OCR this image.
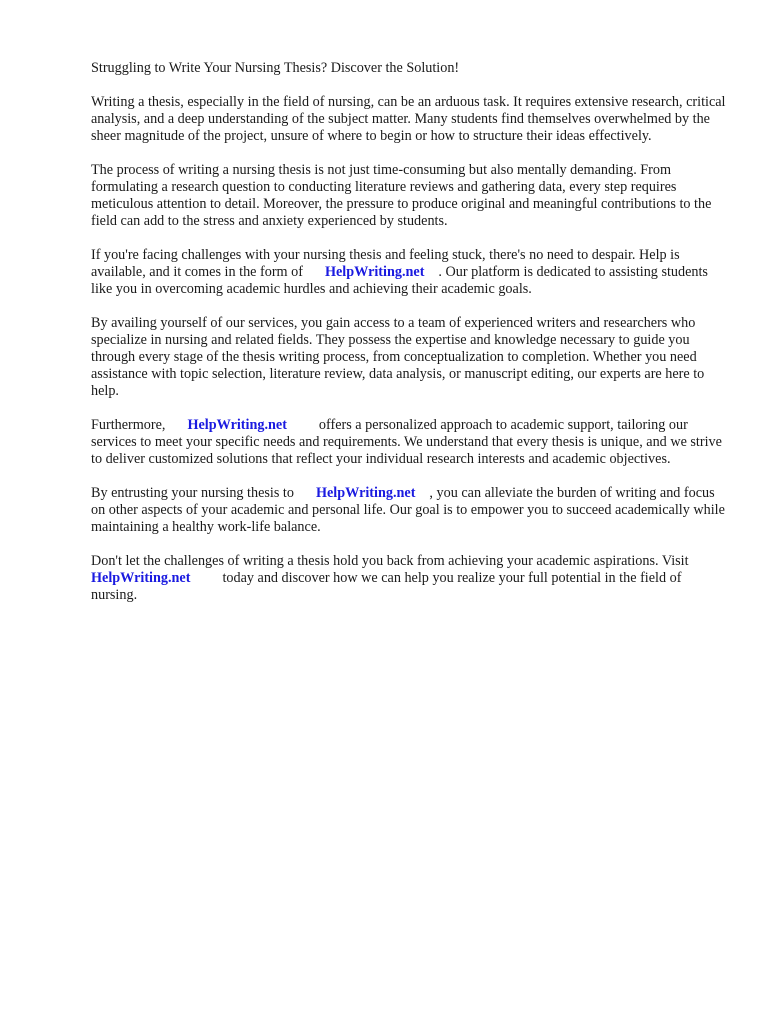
Struggling to Write Your Nursing Thesis? Discover the Solution!

Writing a thesis, especially in the field of nursing, can be an arduous task. It requires extensive research, critical analysis, and a deep understanding of the subject matter. Many students find themselves overwhelmed by the sheer magnitude of the project, unsure of where to begin or how to structure their ideas effectively.

The process of writing a nursing thesis is not just time-consuming but also mentally demanding. From formulating a research question to conducting literature reviews and gathering data, every step requires meticulous attention to detail. Moreover, the pressure to produce original and meaningful contributions to the field can add to the stress and anxiety experienced by students.

If you're facing challenges with your nursing thesis and feeling stuck, there's no need to despair. Help is available, and it comes in the form of HelpWriting.net . Our platform is dedicated to assisting students like you in overcoming academic hurdles and achieving their academic goals.

By availing yourself of our services, you gain access to a team of experienced writers and researchers who specialize in nursing and related fields. They possess the expertise and knowledge necessary to guide you through every stage of the thesis writing process, from conceptualization to completion. Whether you need assistance with topic selection, literature review, data analysis, or manuscript editing, our experts are here to help.

Furthermore, HelpWriting.net offers a personalized approach to academic support, tailoring our services to meet your specific needs and requirements. We understand that every thesis is unique, and we strive to deliver customized solutions that reflect your individual research interests and academic objectives.

By entrusting your nursing thesis to HelpWriting.net , you can alleviate the burden of writing and focus on other aspects of your academic and personal life. Our goal is to empower you to succeed academically while maintaining a healthy work-life balance.

Don't let the challenges of writing a thesis hold you back from achieving your academic aspirations. VisitHelpWriting.net today and discover how we can help you realize your full potential in the field of nursing.
